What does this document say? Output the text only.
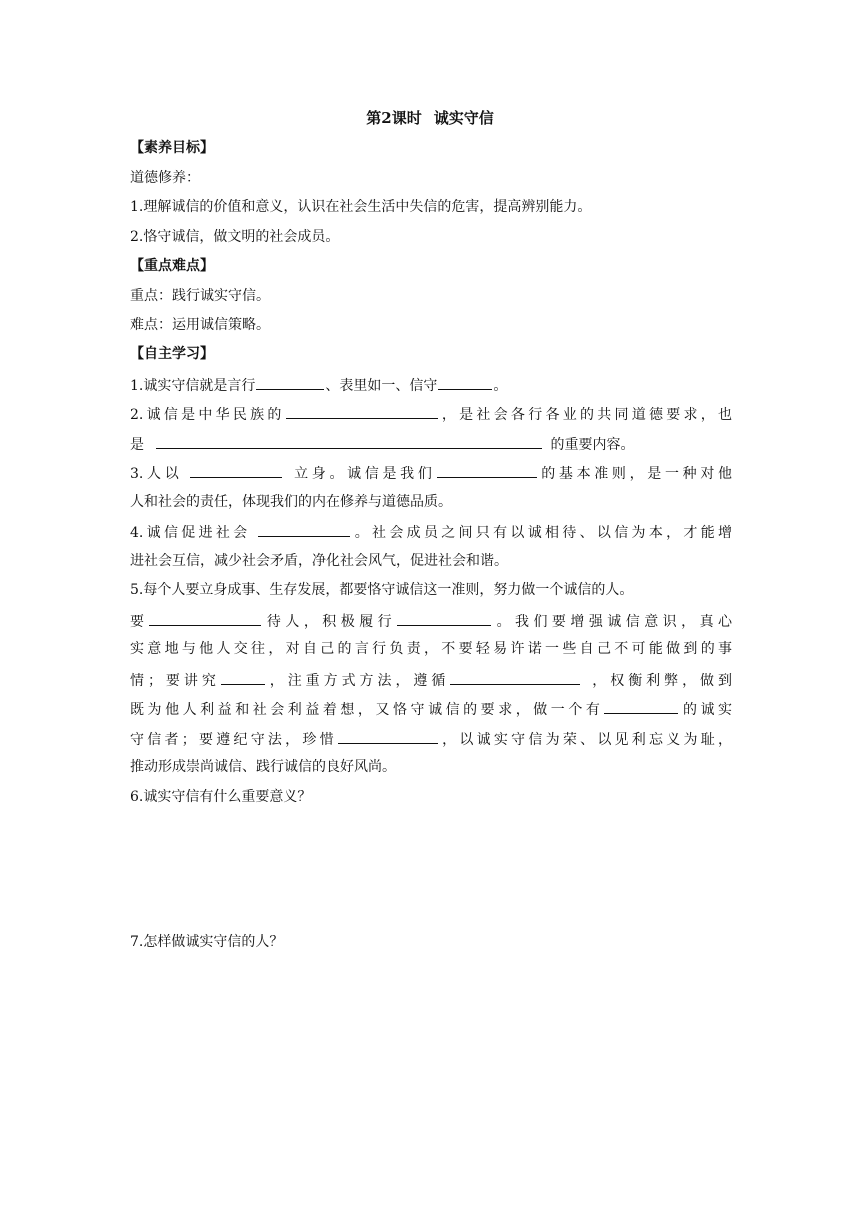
第2课时 诚实守信
【素养目标】
道德修养：
1.理解诚信的价值和意义，认识在社会生活中失信的危害，提高辨别能力。
2.恪守诚信，做文明的社会成员。
【重点难点】
重点：践行诚实守信。
难点：运用诚信策略。
【自主学习】
1.诚实守信就是言行	、表里如一、信守	。
2.诚信是中华民族的	，是社会各行各业的共同道德要求，也
是	的重要内容。
3.人以	立身。诚信是我们	的基本准则，是一种对他
人和社会的责任，体现我们的内在修养与道德品质。
4.诚信促进社会	。社会成员之间只有以诚相待、以信为本，才能增
进社会互信，减少社会矛盾，净化社会风气，促进社会和谐。
5.每个人要立身成事、生存发展，都要恪守诚信这一准则，努力做一个诚信的人。
要	待人，积极履行	。我们要增强诚信意识，真心
实意地与他人交往，对自己的言行负责，不要轻易许诺一些自己不可能做到的事
情；要讲究	，注重方式方法，遵循	，权衡利弊，做到
既为他人利益和社会利益着想，又恪守诚信的要求，做一个有	的诚实
守信者；要遵纪守法，珍惜	，以诚实守信为荣、以见利忘义为耻，
推动形成崇尚诚信、践行诚信的良好风尚。
6.诚实守信有什么重要意义？
7.怎样做诚实守信的人？
